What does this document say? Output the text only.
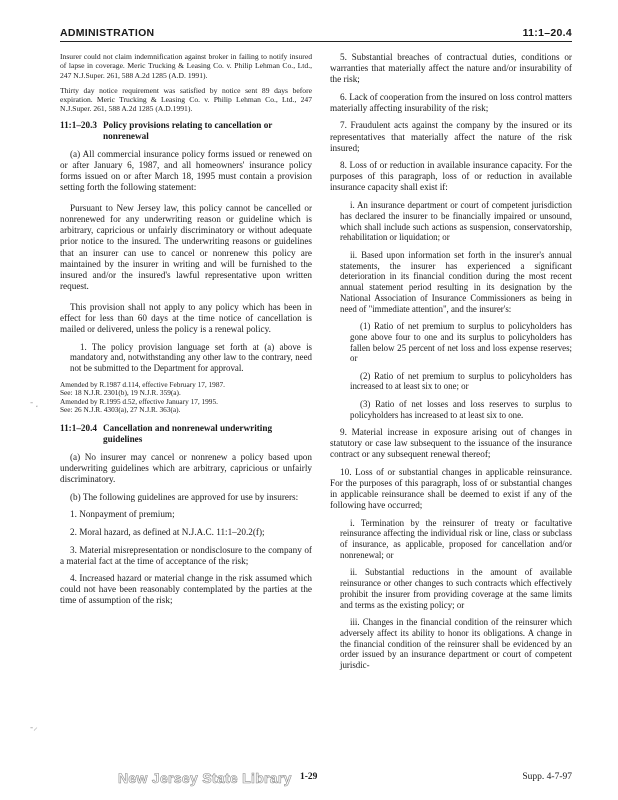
ADMINISTRATION	11:1–20.4

Insurer could not claim indemnification against broker in failing to notify insured of lapse in coverage. Meric Trucking & Leasing Co. v. Philip Lehman Co., Ltd., 247 N.J.Super. 261, 588 A.2d 1285 (A.D. 1991).

Thirty day notice requirement was satisfied by notice sent 89 days before expiration. Meric Trucking & Leasing Co. v. Philip Lehman Co., Ltd., 247 N.J.Super. 261, 588 A.2d 1285 (A.D.1991).

11:1–20.3 Policy provisions relating to cancellation or nonrenewal

(a) All commercial insurance policy forms issued or renewed on or after January 6, 1987, and all homeowners' insurance policy forms issued on or after March 18, 1995 must contain a provision setting forth the following statement:

Pursuant to New Jersey law, this policy cannot be cancelled or nonrenewed for any underwriting reason or guideline which is arbitrary, capricious or unfairly discriminatory or without adequate prior notice to the insured. The underwriting reasons or guidelines that an insurer can use to cancel or nonrenew this policy are maintained by the insurer in writing and will be furnished to the insured and/or the insured's lawful representative upon written request.

This provision shall not apply to any policy which has been in effect for less than 60 days at the time notice of cancellation is mailed or delivered, unless the policy is a renewal policy.

1. The policy provision language set forth at (a) above is mandatory and, notwithstanding any other law to the contrary, need not be submitted to the Department for approval.

Amended by R.1987 d.114, effective February 17, 1987.
See: 18 N.J.R. 2301(b), 19 N.J.R. 359(a).
Amended by R.1995 d.52, effective January 17, 1995.
See: 26 N.J.R. 4303(a), 27 N.J.R. 363(a).
11:1–20.4 Cancellation and nonrenewal underwriting guidelines

(a) No insurer may cancel or nonrenew a policy based upon underwriting guidelines which are arbitrary, capricious or unfairly discriminatory.

(b) The following guidelines are approved for use by insurers:

1. Nonpayment of premium;

2. Moral hazard, as defined at N.J.A.C. 11:1–20.2(f);

3. Material misrepresentation or nondisclosure to the company of a material fact at the time of acceptance of the risk;

4. Increased hazard or material change in the risk assumed which could not have been reasonably contemplated by the parties at the time of assumption of the risk;

5. Substantial breaches of contractual duties, conditions or warranties that materially affect the nature and/or insurability of the risk;

6. Lack of cooperation from the insured on loss control matters materially affecting insurability of the risk;

7. Fraudulent acts against the company by the insured or its representatives that materially affect the nature of the risk insured;

8. Loss of or reduction in available insurance capacity. For the purposes of this paragraph, loss of or reduction in available insurance capacity shall exist if:

i. An insurance department or court of competent jurisdiction has declared the insurer to be financially impaired or unsound, which shall include such actions as suspension, conservatorship, rehabilitation or liquidation; or

ii. Based upon information set forth in the insurer's annual statements, the insurer has experienced a significant deterioration in its financial condition during the most recent annual statement period resulting in its designation by the National Association of Insurance Commissioners as being in need of "immediate attention", and the insurer's:

(1) Ratio of net premium to surplus to policyholders has gone above four to one and its surplus to policyholders has fallen below 25 percent of net loss and loss expense reserves; or

(2) Ratio of net premium to surplus to policyholders has increased to at least six to one; or

(3) Ratio of net losses and loss reserves to surplus to policyholders has increased to at least six to one.

9. Material increase in exposure arising out of changes in statutory or case law subsequent to the issuance of the insurance contract or any subsequent renewal thereof;

10. Loss of or substantial changes in applicable reinsurance. For the purposes of this paragraph, loss of or substantial changes in applicable reinsurance shall be deemed to exist if any of the following have occurred;

i. Termination by the reinsurer of treaty or facultative reinsurance affecting the individual risk or line, class or subclass of insurance, as applicable, proposed for cancellation and/or nonrenewal; or

ii. Substantial reductions in the amount of available reinsurance or other changes to such contracts which effectively prohibit the insurer from providing coverage at the same limits and terms as the existing policy; or

iii. Changes in the financial condition of the reinsurer which adversely affect its ability to honor its obligations. A change in the financial condition of the reinsurer shall be evidenced by an order issued by an insurance department or court of competent jurisdic-

‐ ⸼
‐⸝
New Jersey State Library 1-29	Supp. 4-7-97
